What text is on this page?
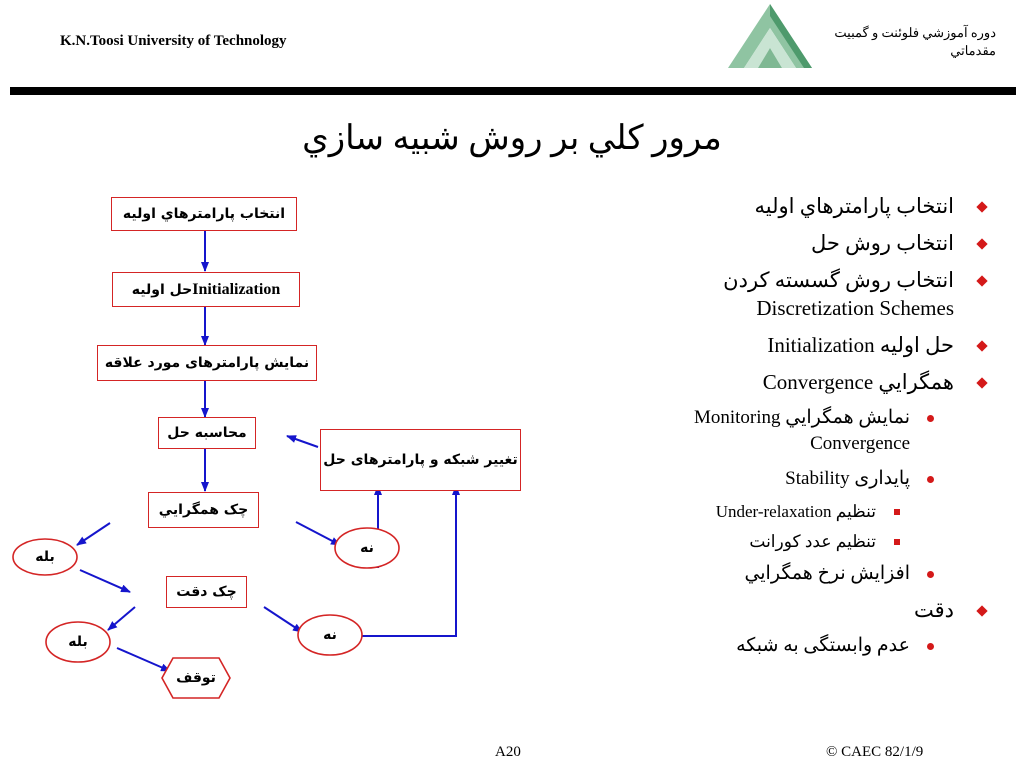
K.N.Toosi University of Technology
دوره آموزشي فلوئنت و گمبيت
مقدماتي
مرور كلي بر روش شبيه سازي
انتخاب پارامترهاي اوليه
Initialization
حل اوليه
نمایش پارامترهای مورد علاقه
محاسبه حل
تغيير شبكه و پارامترهای حل
چک همگرايي
چک دقت
بله
نه
بله	نه
توقف
انتخاب پارامترهاي اوليه
انتخاب روش حل
انتخاب روش گسسته كردن
Discretization Schemes
حل اوليه Initialization
همگرايي Convergence
نمايش همگرايي Monitoring
Convergence
پايداری Stability
تنظيم Under-relaxation
تنظيم عدد كورانت
افزايش نرخ همگرايي
دقت
عدم وابستگی به شبكه
A20	© CAEC 82/1/9
